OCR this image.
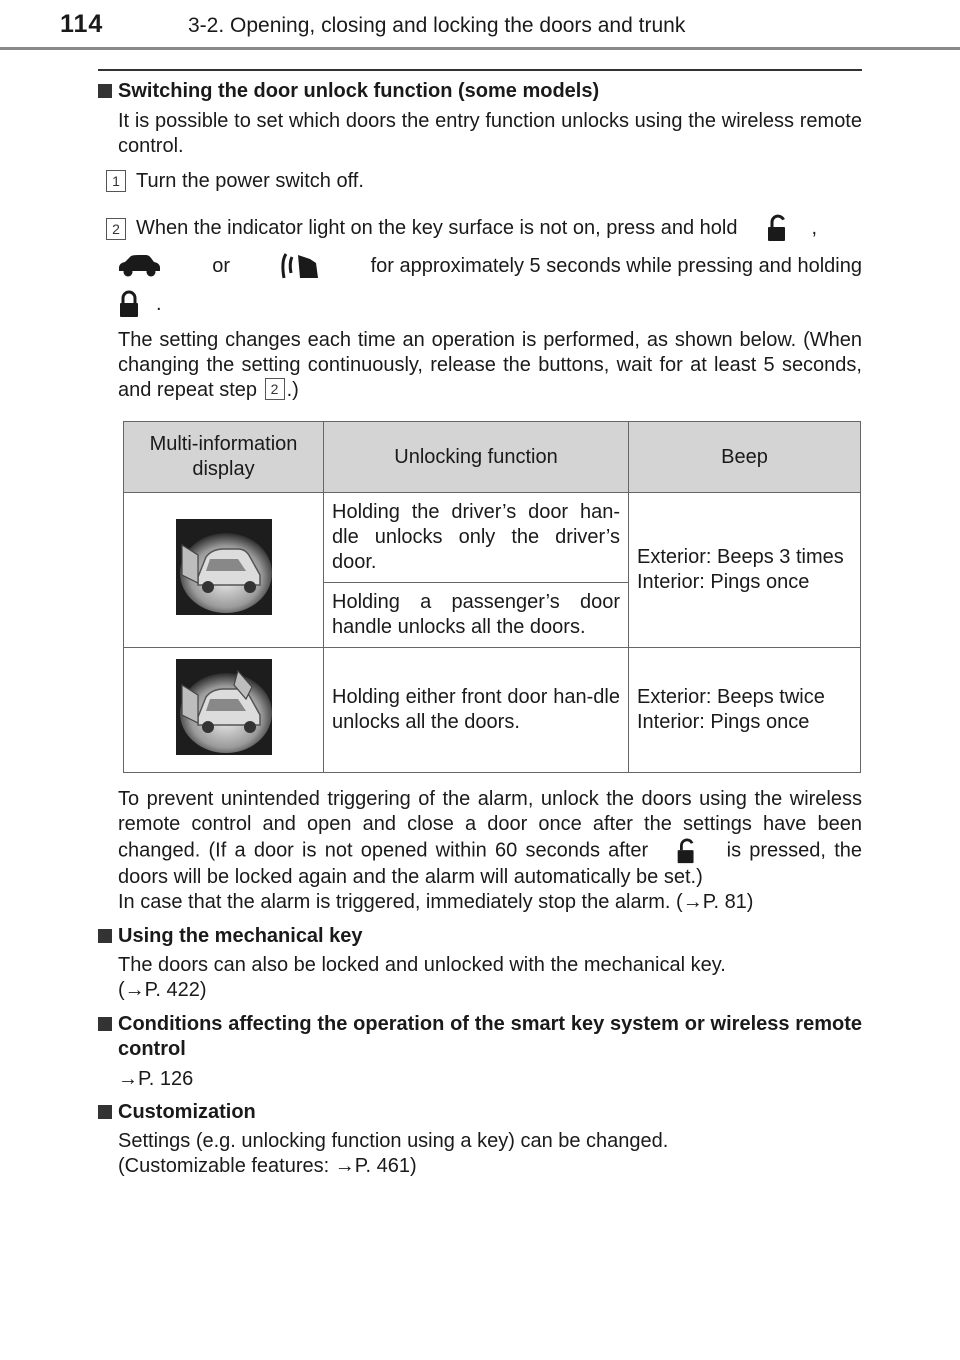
114	3-2. Opening, closing and locking the doors and trunk
Switching the door unlock function (some models)
It is possible to set which doors the entry function unlocks using the wireless remote control.
1 Turn the power switch off.
2 When the indicator light on the key surface is not on, press and hold	,
or	for approximately 5 seconds while pressing and holding
.
The setting changes each time an operation is performed, as shown below. (When changing the setting continuously, release the buttons, wait for at least 5 seconds, and repeat step 2 .)
Multi-information display	Unlocking function	Beep

	Holding the driver’s door han-dle unlocks only the driver’s door.	Exterior: Beeps 3 times
Interior: Pings once

	Holding a passenger’s door handle unlocks all the doors.	

	Holding either front door han-dle unlocks all the doors.	Exterior: Beeps twice
Interior: Pings once
To prevent unintended triggering of the alarm, unlock the doors using the wireless remote control and open and close a door once after the settings have been changed. (If a door is not opened within 60 seconds after	is pressed, the doors will be locked again and the alarm will automatically be set.)
In case that the alarm is triggered, immediately stop the alarm. (→P. 81)
Using the mechanical key
The doors can also be locked and unlocked with the mechanical key.
(→P. 422)
Conditions affecting the operation of the smart key system or wireless remote control
→P. 126
Customization
Settings (e.g. unlocking function using a key) can be changed.
(Customizable features: →P. 461)
